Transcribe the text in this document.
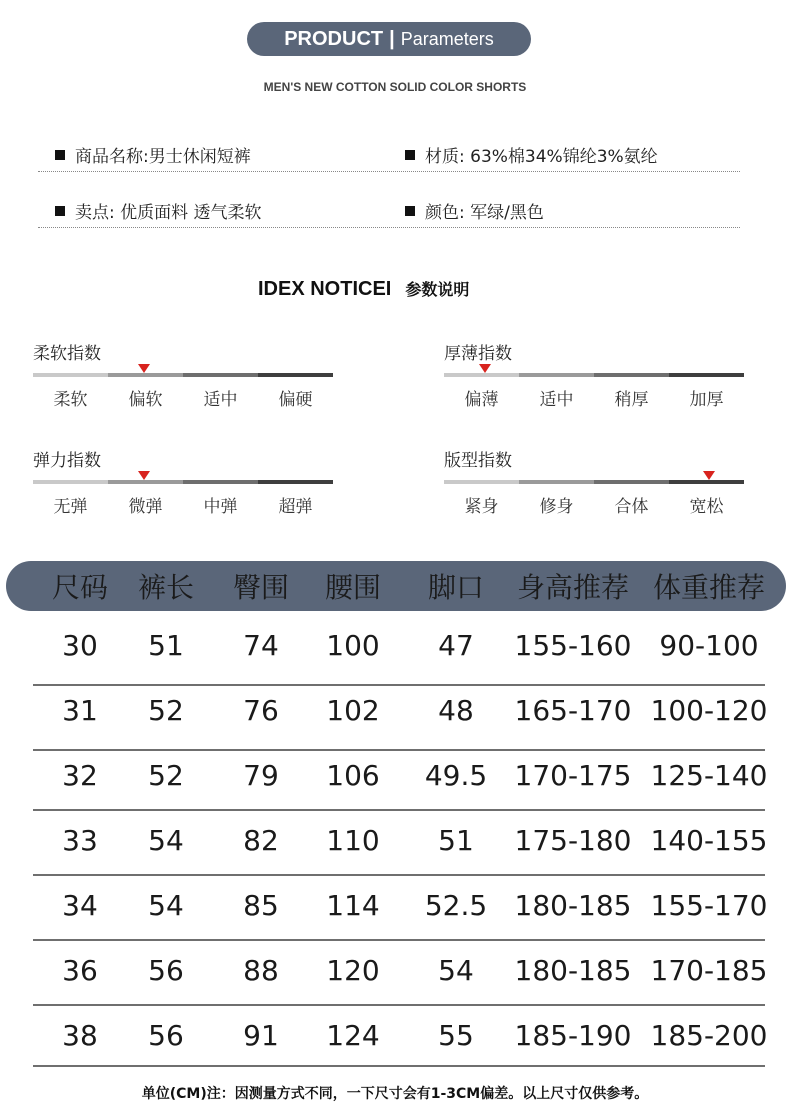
PRODUCT | Parameters
MEN'S NEW COTTON SOLID COLOR SHORTS
商品名称:男士休闲短裤	材质: 63%棉34%锦纶3%氨纶
卖点: 优质面料 透气柔软	颜色: 军绿/黑色
IDEX NOTICEI 参数说明
柔软指数
柔软	偏软	适中	偏硬
厚薄指数
偏薄	适中	稍厚	加厚
弹力指数
无弹	微弹	中弹	超弹
版型指数
紧身	修身	合体	宽松
尺码	裤长	臀围	腰围	脚口	身高推荐 体重推荐
30	51	74	100	47	155-160 90-100
31	52	76	102	48	165-170 100-120
32	52	79	106	49.5 170-175 125-140
33	54	82	110	51	175-180 140-155
34	54	85	114	52.5 180-185 155-170
36	56	88	120	54	180-185 170-185
38	56	91	124	55	185-190 185-200
单位(CM)注：因测量方式不同，一下尺寸会有1-3CM偏差。以上尺寸仅供参考。
